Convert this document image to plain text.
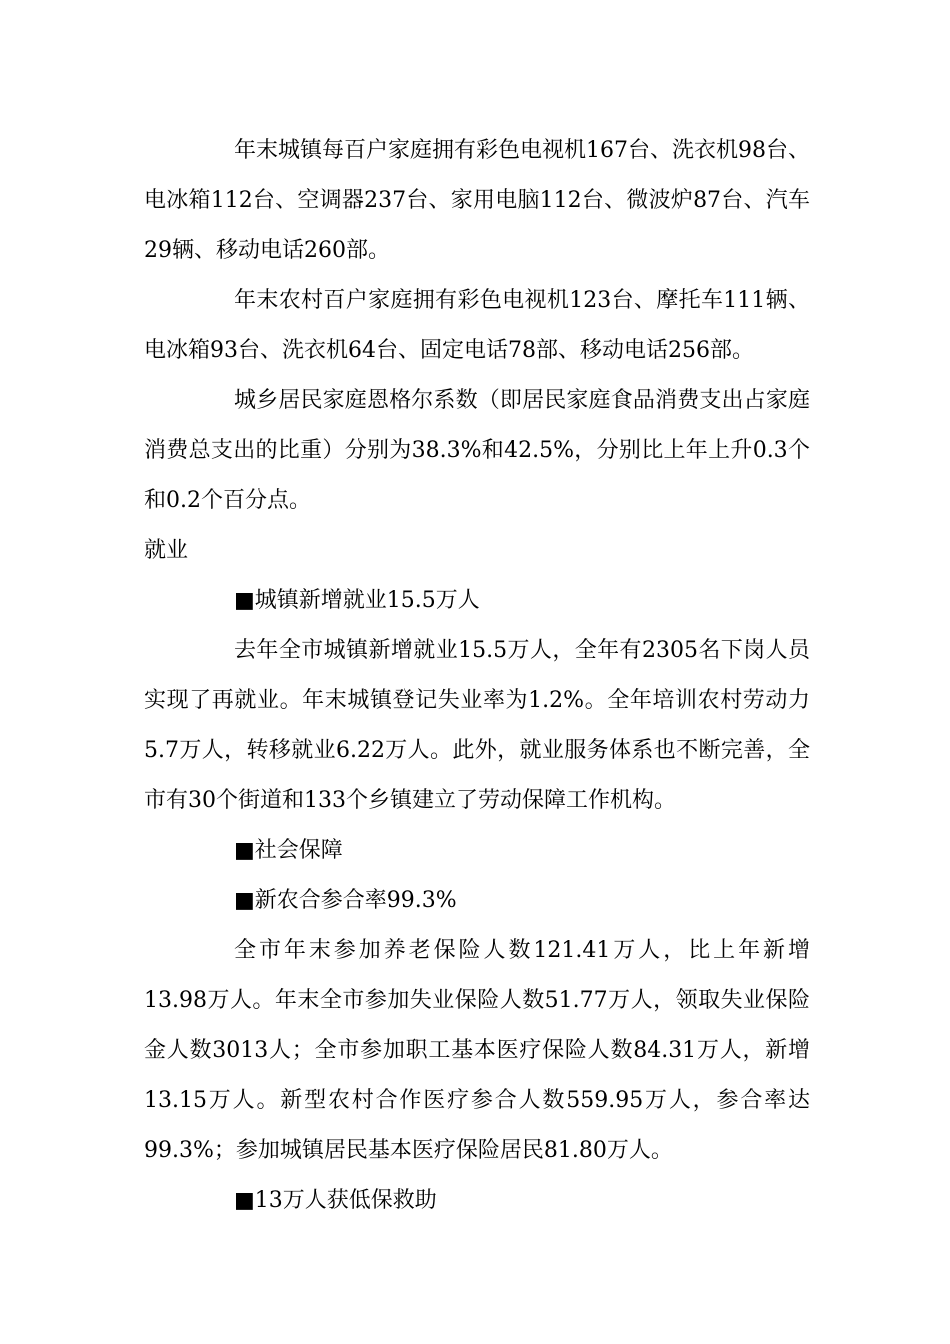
年末城镇每百户家庭拥有彩色电视机167台、洗衣机98台、电冰箱112台、空调器237台、家用电脑112台、微波炉87台、汽车29辆、移动电话260部。

年末农村百户家庭拥有彩色电视机123台、摩托车111辆、电冰箱93台、洗衣机64台、固定电话78部、移动电话256部。

城乡居民家庭恩格尔系数（即居民家庭食品消费支出占家庭消费总支出的比重）分别为38.3%和42.5%，分别比上年上升0.3个和0.2个百分点。

就业

■城镇新增就业15.5万人

去年全市城镇新增就业15.5万人，全年有2305名下岗人员实现了再就业。年末城镇登记失业率为1.2%。全年培训农村劳动力5.7万人，转移就业6.22万人。此外，就业服务体系也不断完善，全市有30个街道和133个乡镇建立了劳动保障工作机构。

■社会保障

■新农合参合率99.3%

全市年末参加养老保险人数121.41万人，比上年新增13.98万人。年末全市参加失业保险人数51.77万人，领取失业保险金人数3013人；全市参加职工基本医疗保险人数84.31万人，新增13.15万人。新型农村合作医疗参合人数559.95万人，参合率达99.3%；参加城镇居民基本医疗保险居民81.80万人。

■13万人获低保救助
